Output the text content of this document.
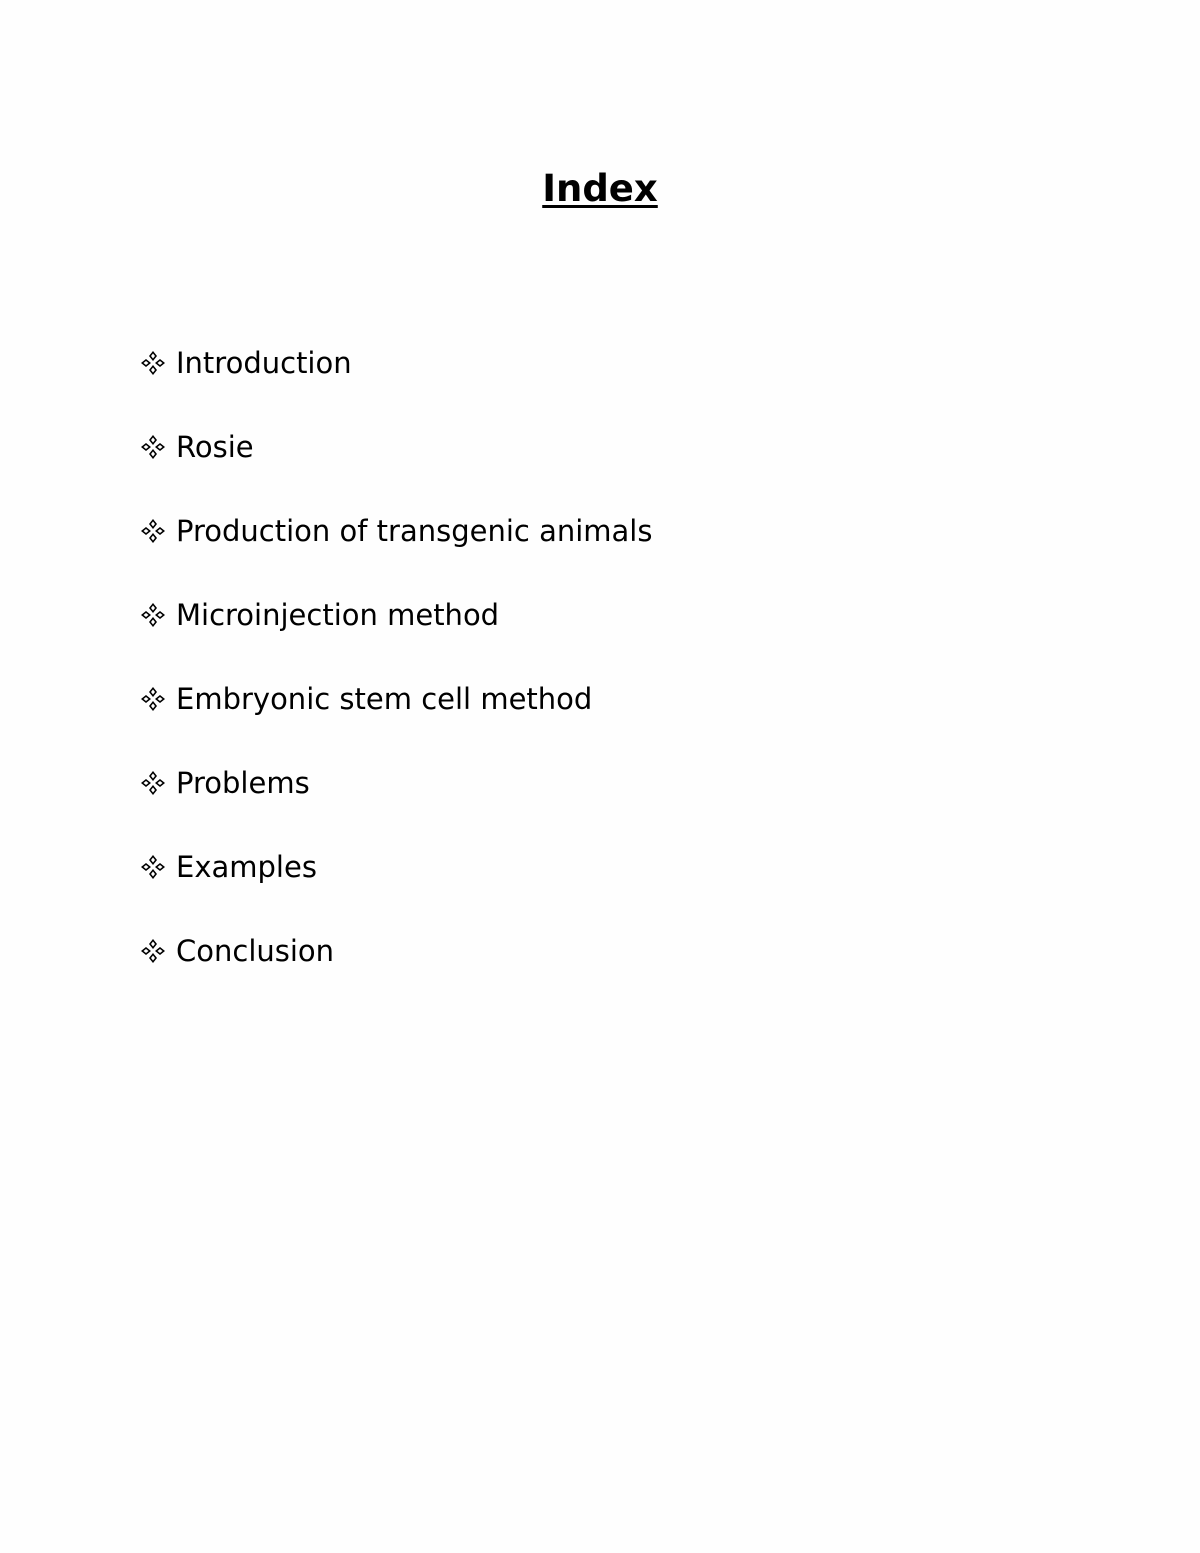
Index
Introduction
Rosie
Production of transgenic animals
Microinjection method
Embryonic stem cell method
Problems
Examples
Conclusion
